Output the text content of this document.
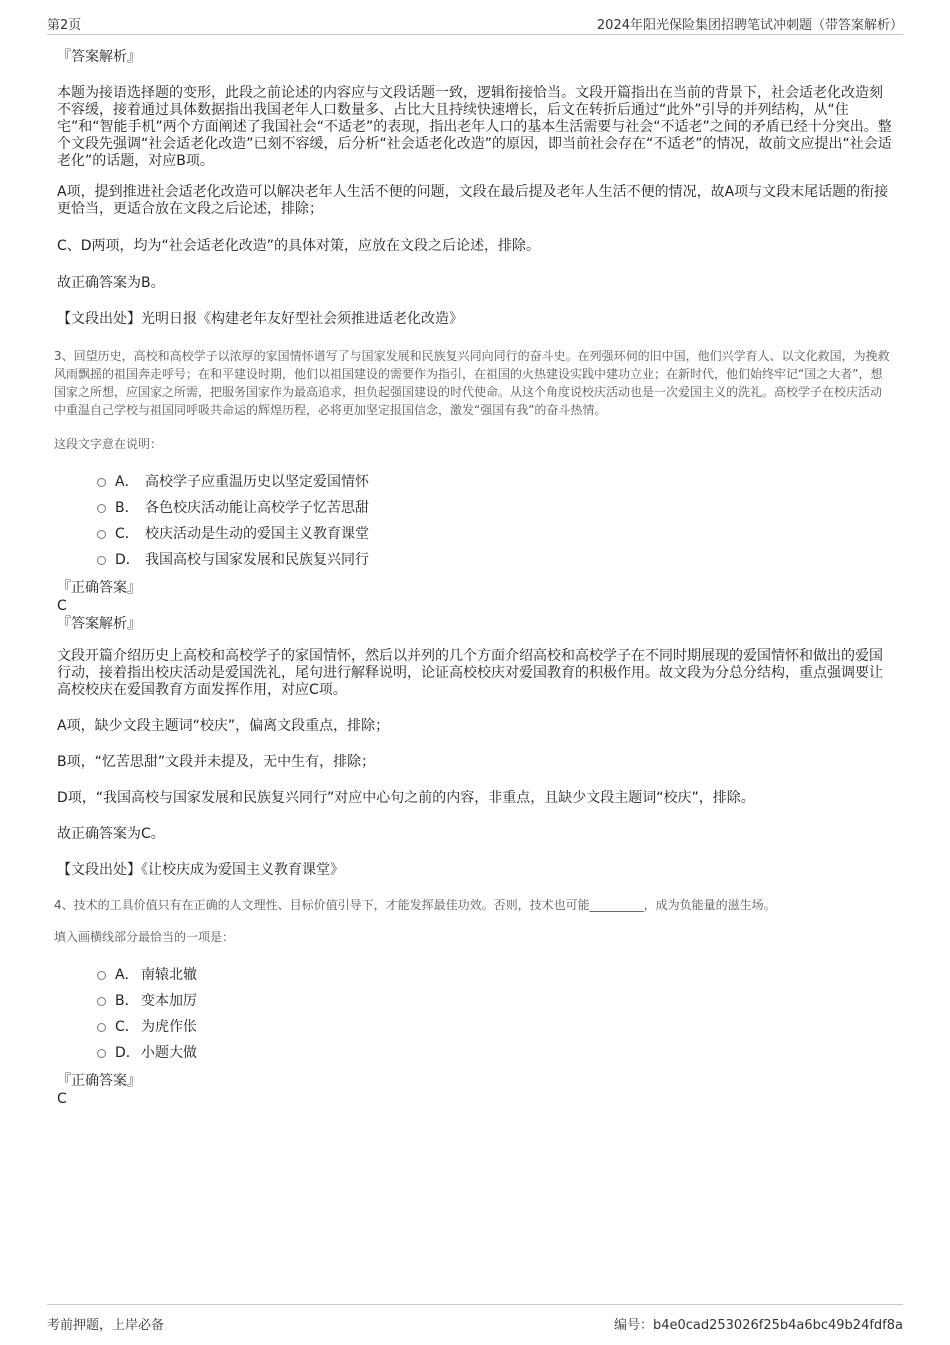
第2页	2024年阳光保险集团招聘笔试冲刺题（带答案解析）

『答案解析』

本题为接语选择题的变形，此段之前论述的内容应与文段话题一致，逻辑衔接恰当。文段开篇指出在当前的背景下，社会适老化改造刻不容缓，接着通过具体数据指出我国老年人口数量多、占比大且持续快速增长，后文在转折后通过“此外”引导的并列结构，从“住宅”和“智能手机”两个方面阐述了我国社会“不适老”的表现，指出老年人口的基本生活需要与社会“不适老”之间的矛盾已经十分突出。整个文段先强调“社会适老化改造”已刻不容缓，后分析“社会适老化改造”的原因，即当前社会存在“不适老”的情况，故前文应提出“社会适老化”的话题，对应B项。

A项，提到推进社会适老化改造可以解决老年人生活不便的问题，文段在最后提及老年人生活不便的情况，故A项与文段末尾话题的衔接更恰当，更适合放在文段之后论述，排除；

C、D两项，均为“社会适老化改造”的具体对策，应放在文段之后论述，排除。

故正确答案为B。

【文段出处】光明日报《构建老年友好型社会须推进适老化改造》

3、回望历史，高校和高校学子以浓厚的家国情怀谱写了与国家发展和民族复兴同向同行的奋斗史。在列强环伺的旧中国，他们兴学育人、以文化救国，为挽救风雨飘摇的祖国奔走呼号；在和平建设时期，他们以祖国建设的需要作为指引，在祖国的火热建设实践中建功立业；在新时代，他们始终牢记“国之大者”，想国家之所想，应国家之所需，把服务国家作为最高追求，担负起强国建设的时代使命。从这个角度说校庆活动也是一次爱国主义的洗礼。高校学子在校庆活动中重温自己学校与祖国同呼吸共命运的辉煌历程，必将更加坚定报国信念，激发“强国有我”的奋斗热情。

这段文字意在说明：

A． 高校学子应重温历史以坚定爱国情怀
B． 各色校庆活动能让高校学子忆苦思甜
C． 校庆活动是生动的爱国主义教育课堂
D． 我国高校与国家发展和民族复兴同行

『正确答案』

C

『答案解析』

文段开篇介绍历史上高校和高校学子的家国情怀，然后以并列的几个方面介绍高校和高校学子在不同时期展现的爱国情怀和做出的爱国行动，接着指出校庆活动是爱国洗礼，尾句进行解释说明，论证高校校庆对爱国教育的积极作用。故文段为分总分结构，重点强调要让高校校庆在爱国教育方面发挥作用，对应C项。

A项，缺少文段主题词“校庆”，偏离文段重点，排除；

B项，“忆苦思甜”文段并未提及，无中生有，排除；

D项，“我国高校与国家发展和民族复兴同行”对应中心句之前的内容，非重点，且缺少文段主题词“校庆”，排除。

故正确答案为C。

【文段出处】《让校庆成为爱国主义教育课堂》

4、技术的工具价值只有在正确的人文理性、目标价值引导下，才能发挥最佳功效。否则，技术也可能_________，成为负能量的滋生场。

填入画横线部分最恰当的一项是：

A． 南辕北辙
B． 变本加厉
C． 为虎作伥
D． 小题大做

『正确答案』

C

考前押题，上岸必备	编号：b4e0cad253026f25b4a6bc49b24fdf8a
